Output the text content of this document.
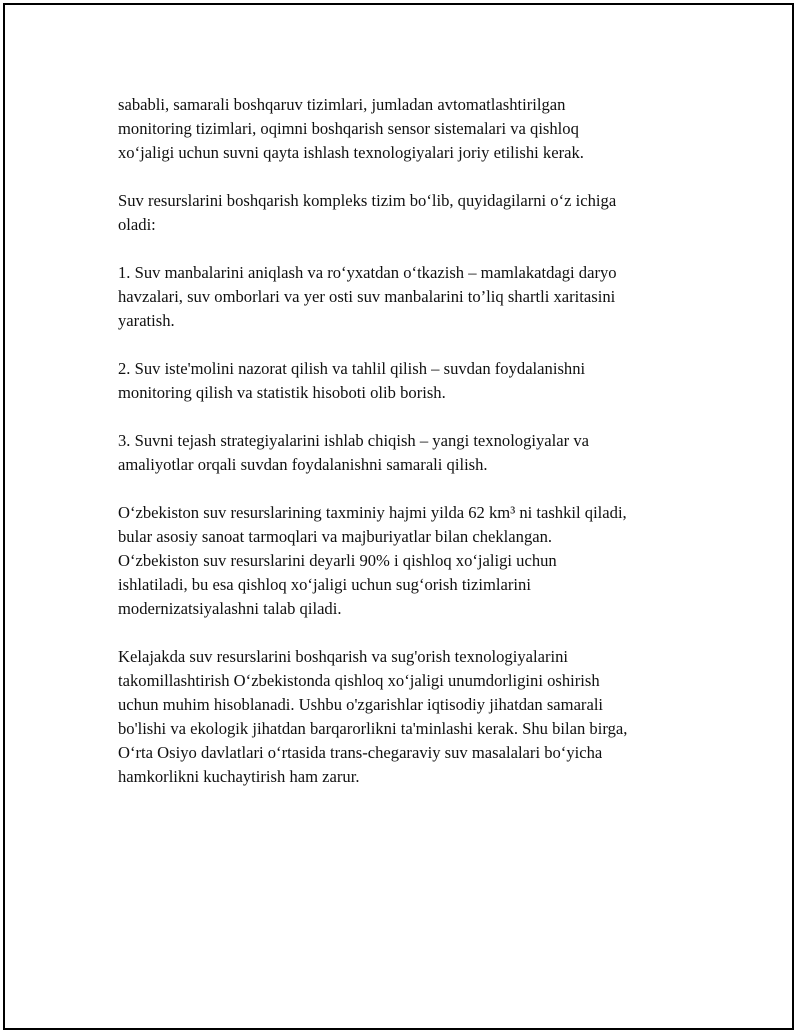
sababli, samarali boshqaruv tizimlari, jumladan avtomatlashtirilgan
monitoring tizimlari, oqimni boshqarish sensor sistemalari va qishloq
xo‘jaligi uchun suvni qayta ishlash texnologiyalari joriy etilishi kerak.

Suv resurslarini boshqarish kompleks tizim bo‘lib, quyidagilarni o‘z ichiga
oladi:

1. Suv manbalarini aniqlash va ro‘yxatdan o‘tkazish – mamlakatdagi daryo
havzalari, suv omborlari va yer osti suv manbalarini to’liq shartli xaritasini
yaratish.

2. Suv iste'molini nazorat qilish va tahlil qilish – suvdan foydalanishni
monitoring qilish va statistik hisoboti olib borish.

3. Suvni tejash strategiyalarini ishlab chiqish – yangi texnologiyalar va
amaliyotlar orqali suvdan foydalanishni samarali qilish.

O‘zbekiston suv resurslarining taxminiy hajmi yilda 62 km³ ni tashkil qiladi,
bular asosiy sanoat tarmoqlari va majburiyatlar bilan cheklangan.
O‘zbekiston suv resurslarini deyarli 90% i qishloq xo‘jaligi uchun
ishlatiladi, bu esa qishloq xo‘jaligi uchun sug‘orish tizimlarini
modernizatsiyalashni talab qiladi.

Kelajakda suv resurslarini boshqarish va sug'orish texnologiyalarini
takomillashtirish O‘zbekistonda qishloq xo‘jaligi unumdorligini oshirish
uchun muhim hisoblanadi. Ushbu o'zgarishlar iqtisodiy jihatdan samarali
bo'lishi va ekologik jihatdan barqarorlikni ta'minlashi kerak. Shu bilan birga,
O‘rta Osiyo davlatlari o‘rtasida trans-chegaraviy suv masalalari bo‘yicha
hamkorlikni kuchaytirish ham zarur.
